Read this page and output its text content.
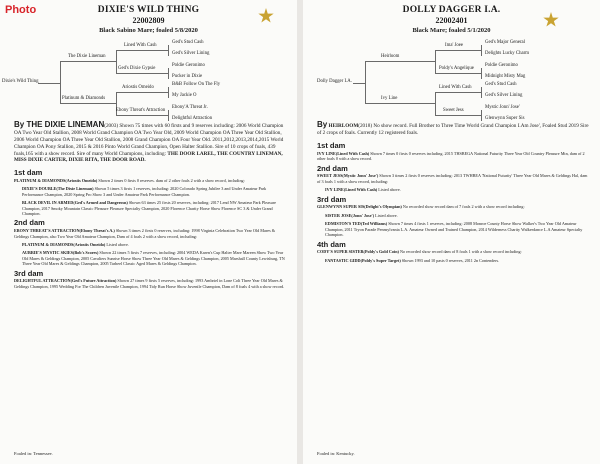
Photo	DIXIE'S WILD THING
22002809
Black Sabino Mare; foaled 5/8/2020
Dixie's Wild Thing
The Dixie Lineman
Platinum & Diamonds
Lined With Cash
Ged's Dixie Gypsie
Ariostis Omeido
Ebony Threat's Attraction
Ged's Stud Cash
Ged's Silver Lining
Poldie Geronimo
Pucker in Dixie
B&B Follow On The Fly
My Jackie O
Ebony'A Threat Jr.
Delightful Attraction
By THE DIXIE LINEMAN(2003) Shown 75 times with 60 firsts and 9 reserves including: 2006 World Champion OA Two Year Old Stallion, 2008 World Grand Champion OA Two Year Old, 2009 World Champion OA Three Year Old Stallion, 2006 World Champion OA Three Year Old Stallion, 2008 Grand Champion OA Four Year Old. 2011,2012,2013,2014,2015 World Champion OA Pony Stallion, 2015 & 2016 Pinto World Grand Champion, Open Halter Stallion. Sire of 10 crops of foals, 439 foals,165 with a show record. Sire of many World Champions, including: THE DOOR LAREL, THE COUNTRY LINEMAN, MISS DIXIE CARTER, DIXIE RITA, THE DOOR ROAD.
1st dam
PLATINUM & DIAMONDS(Ariostis Omeido) Shown 2 times 0 firsts 0 reserves. dam of 2 other foals 2 with a show record, including:
DIXIE'S DOUBLE(The Dixie Lineman) Shown 5 times 3 firsts 1 reserves, including: 2020 Colorado Spring Jubilee 3 and Under Amateur Park Performance Champion, 2020 Spring Pro Show 3 and Under Amateur Park Performance Champion.
BLACK DEVIL IN ARMED(Ged's Armed and Dangerous) Shown 63 times 25 firsts 20 reserves, including: 2017 Lend NW Amateur Park Pleasure Champion, 2017 Smoky Mountain Classic Pleasure Pleasure Specialty Champion, 2020 Florence Charity Horse Show Florence SC 3 & Under Grand Champion.
2nd dam
EBONY THREAT'S ATTRACTION(Ebony Threat's A.) Shown 3 times 2 firsts 0 reserves, including: 1998 Virginia Celebration Two Year Old Mares & Geldings Champion, also Two Year Old Amateur Champion, Dam of 4 foals 2 with a show record, including:
PLATINUM & DIAMONDS(Ariostis Omeido) Listed above.
AUBRIE'S MYSTIC SKIES(Bob's Scores) Shown 22 times 5 firsts 7 reserves, including: 2004 WEDA Karen's Cup Halter Mare Mareen Show Two Year Old Mares & Geldings Champion, 2005 Cavaliers Sunrise Horse Show Three Year Old Mares & Geldings Champion, 2005 Marshall County Lewisburg, TN Three Year Old Mares & Geldings Champion, 2005 Tarheel Classic Aged Mares & Geldings Champion.
3rd dam
DELIGHTFUL ATTRACTION(Ged's Future Attraction) Shown 27 times 9 firsts 5 reserves, including: 1993 Ambriel in Lone Colt Three Year Old Mares & Geldings Champion, 1995 Wedding For The Children Juvenile Champion, 1994 Tidy Run Horse Show Juvenile Champion, Dam of 8 foals 4 with a show record.
Foaled in: Tennessee.
DOLLY DAGGER I.A.
22002401
Black Mare; foaled 5/1/2020
Dolly Dagger I.A.
Heirloom
Ivy Line
Ima' Joee
Poldy's Angelique
Lined With Cash
Sweet Jess
Ged's Major General
Delights Lucky Charm
Poldie Geronimo
Midnight Misty Mag
Ged's Stud Cash
Ged's Silver Lining
Mystic Jonn' Jose'
Glenwynn Super Sis
By HEIRLOOM(2018) No show record. Full Brother to Three Time World Grand Champion I.Am Jose', Foaled Stud 2019 Sire of 2 crops of foals. Currently 12 registered foals.
1st dam
IVY LINE(Lined With Cash) Shown 7 times 0 firsts 0 reserves including. 2015 THSBEGA National Futurity Three Year Old Country Pleasure Mtn, dam of 2 other foals 0 with a show record.
2nd dam
SWEET JESS(Mystic Jonn' Jose') Shown 3 times 2 firsts 0 reserves including: 2013 TWHBEA 'National Futurity' Three Year Old Mares & Geldings Hal, dam of 3 foals 1 with a show record, including:
IVY LINE(Lined With Cash) Listed above.
3rd dam
GLENWYNN SUPER SIS(Delight's Olympian) No recorded show record dam of 7 foals 2 with a show record including:
SISTER JOSE(Jonn' Jose') Listed above.
EDMISTON'S TED(Ted Williams) Shown 7 times 4 firsts 1 reserves, including: 2008 Monroe County Horse Show Walker's Two Year Old Amateur Champion, 2011 Tryon Parade Pennsylvania L.A. Amateur Owned and Trained Champion, 2014 Wilderness Charity Walkerdance L.A Amateur Specialty Champion.
4th dam
CODY'S SUPER SISTER(Poldy's Gold Coin) No recorded show record dam of 8 foals 1 with a show record including:
FANTASTIC GIDD(Poldy's Super Target) Shown 1993 and 10 pasts 0 reserves, 2011 2n Contenders.
Foaled in: Kentucky.
